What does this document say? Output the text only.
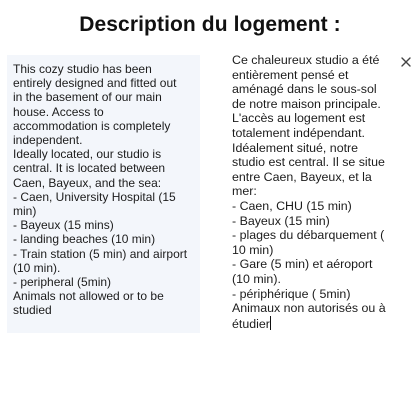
Description du logement :
This cozy studio has been
entirely designed and fitted out
in the basement of our main
house. Access to
accommodation is completely
independent.
Ideally located, our studio is
central. It is located between
Caen, Bayeux, and the sea:
- Caen, University Hospital (15
min)
- Bayeux (15 mins)
- landing beaches (10 min)
- Train station (5 min) and airport
(10 min).
- peripheral (5min)
Animals not allowed or to be
studied
Ce chaleureux studio a été
entièrement pensé et
aménagé dans le sous-sol
de notre maison principale.
L'accès au logement est
totalement indépendant.
Idéalement situé, notre
studio est central. Il se situe
entre Caen, Bayeux, et la
mer:
- Caen, CHU (15 min)
- Bayeux (15 min)
- plages du débarquement (
10 min)
- Gare (5 min) et aéroport
(10 min).
- périphérique ( 5min)
Animaux non autorisés ou à
étudier
